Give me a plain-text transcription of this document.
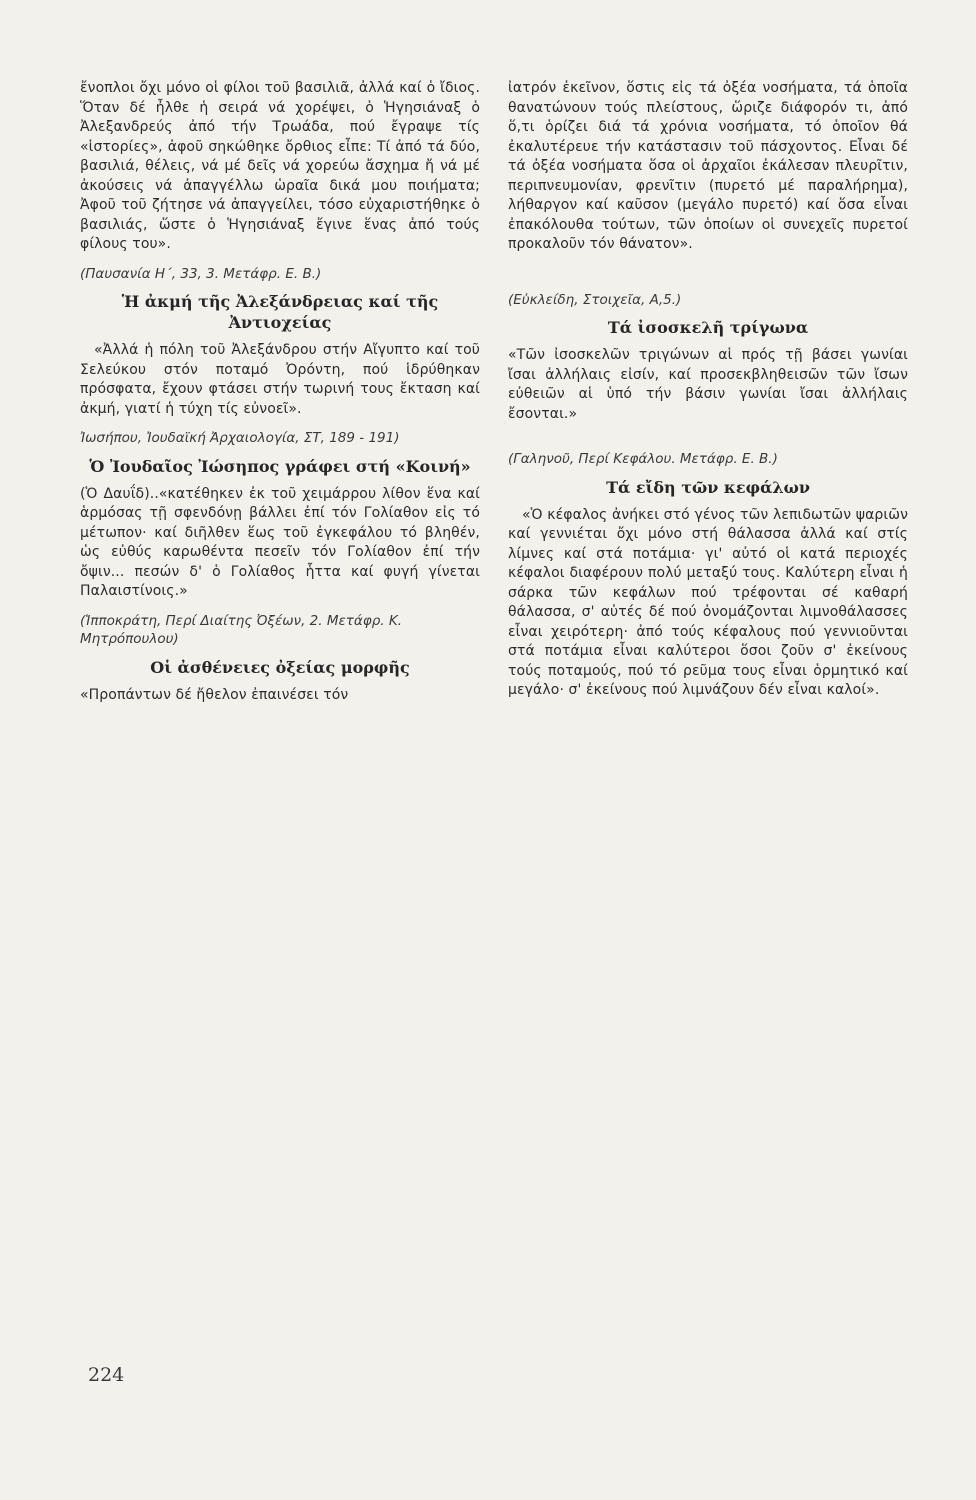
ἔνοπλοι ὄχι μόνο οἱ φίλοι τοῦ βασιλιᾶ, ἀλλά καί ὁ ἴδιος. Ὅταν δέ ἦλθε ἡ σειρά νά χορέψει, ὁ Ἡγησιάναξ ὁ Ἀλεξανδρεύς ἀπό τήν Τρωάδα, πού ἔγραψε τίς «ἱστορίες», ἀφοῦ σηκώθηκε ὄρθιος εἶπε: Τί ἀπό τά δύο, βασιλιά, θέλεις, νά μέ δεῖς νά χορεύω ἄσχημα ἤ νά μέ ἀκούσεις νά ἀπαγγέλλω ὡραῖα δικά μου ποιήματα; Ἀφοῦ τοῦ ζήτησε νά ἀπαγγείλει, τόσο εὐχαριστήθηκε ὁ βασιλιάς, ὥστε ὁ Ἡγησιάναξ ἔγινε ἕνας ἀπό τούς φίλους του».

(Παυσανία Η΄, 33, 3. Μετάφρ. Ε. Β.)
Ἡ ἀκμή τῆς Ἀλεξάνδρειας καί τῆς Ἀντιοχείας

«Ἀλλά ἡ πόλη τοῦ Ἀλεξάνδρου στήν Αἴγυπτο καί τοῦ Σελεύκου στόν ποταμό Ὀρόντη, πού ἱδρύθηκαν πρόσφατα, ἔχουν φτάσει στήν τωρινή τους ἔκταση καί ἀκμή, γιατί ἡ τύχη τίς εὐνοεῖ».

Ἰωσήπου, Ἰουδαϊκή Ἀρχαιολογία, ΣΤ, 189 - 191)
Ὁ Ἰουδαῖος Ἰώσηπος γράφει στή «Κοινή»

(Ὁ Δαυΐδ)..«κατέθηκεν ἐκ τοῦ χειμάρρου λίθον ἕνα καί ἁρμόσας τῇ σφενδόνῃ βάλλει ἐπί τόν Γολίαθον εἰς τό μέτωπον· καί διῆλθεν ἕως τοῦ ἐγκεφάλου τό βληθέν, ὡς εὐθύς καρωθέντα πεσεῖν τόν Γολίαθον ἐπί τήν ὄψιν... πεσών δ' ὁ Γολίαθος ἧττα καί φυγή γίνεται Παλαιστίνοις.»

(Ἱπποκράτη, Περί Διαίτης Ὀξέων, 2. Μετάφρ. Κ. Μητρόπουλου)
Οἱ ἀσθένειες ὀξείας μορφῆς

«Προπάντων δέ ἤθελον ἐπαινέσει τόν

ἰατρόν ἐκεῖνον, ὅστις εἰς τά ὀξέα νοσήματα, τά ὁποῖα θανατώνουν τούς πλείστους, ὥριζε διάφορόν τι, ἀπό ὅ,τι ὁρίζει διά τά χρόνια νοσήματα, τό ὁποῖον θά ἐκαλυτέρευε τήν κατάστασιν τοῦ πάσχοντος. Εἶναι δέ τά ὀξέα νοσήματα ὅσα οἱ ἀρχαῖοι ἐκάλεσαν πλευρῖτιν, περιπνευμονίαν, φρενῖτιν (πυρετό μέ παραλήρημα), λήθαργον καί καῦσον (μεγάλο πυρετό) καί ὅσα εἶναι ἐπακόλουθα τούτων, τῶν ὁποίων οἱ συνεχεῖς πυρετοί προκαλοῦν τόν θάνατον».

(Εὐκλείδη, Στοιχεῖα, Α,5.)
Τά ἰσοσκελῆ τρίγωνα

«Τῶν ἰσοσκελῶν τριγώνων αἱ πρός τῇ βάσει γωνίαι ἴσαι ἀλλήλαις εἰσίν, καί προσεκβληθεισῶν τῶν ἴσων εὐθειῶν αἱ ὑπό τήν βάσιν γωνίαι ἴσαι ἀλλήλαις ἔσονται.»

(Γαληνοῦ, Περί Κεφάλου. Μετάφρ. Ε. Β.)
Τά εἴδη τῶν κεφάλων

«Ὁ κέφαλος ἀνήκει στό γένος τῶν λεπιδωτῶν ψαριῶν καί γεννιέται ὄχι μόνο στή θάλασσα ἀλλά καί στίς λίμνες καί στά ποτάμια· γι' αὐτό οἱ κατά περιοχές κέφαλοι διαφέρουν πολύ μεταξύ τους. Καλύτερη εἶναι ἡ σάρκα τῶν κεφάλων πού τρέφονται σέ καθαρή θάλασσα, σ' αὐτές δέ πού ὀνομάζονται λιμνοθάλασσες εἶναι χειρότερη· ἀπό τούς κέφαλους πού γεννιοῦνται στά ποτάμια εἶναι καλύτεροι ὅσοι ζοῦν σ' ἐκείνους τούς ποταμούς, πού τό ρεῦμα τους εἶναι ὁρμητικό καί μεγάλο· σ' ἐκείνους πού λιμνάζουν δέν εἶναι καλοί».

224
